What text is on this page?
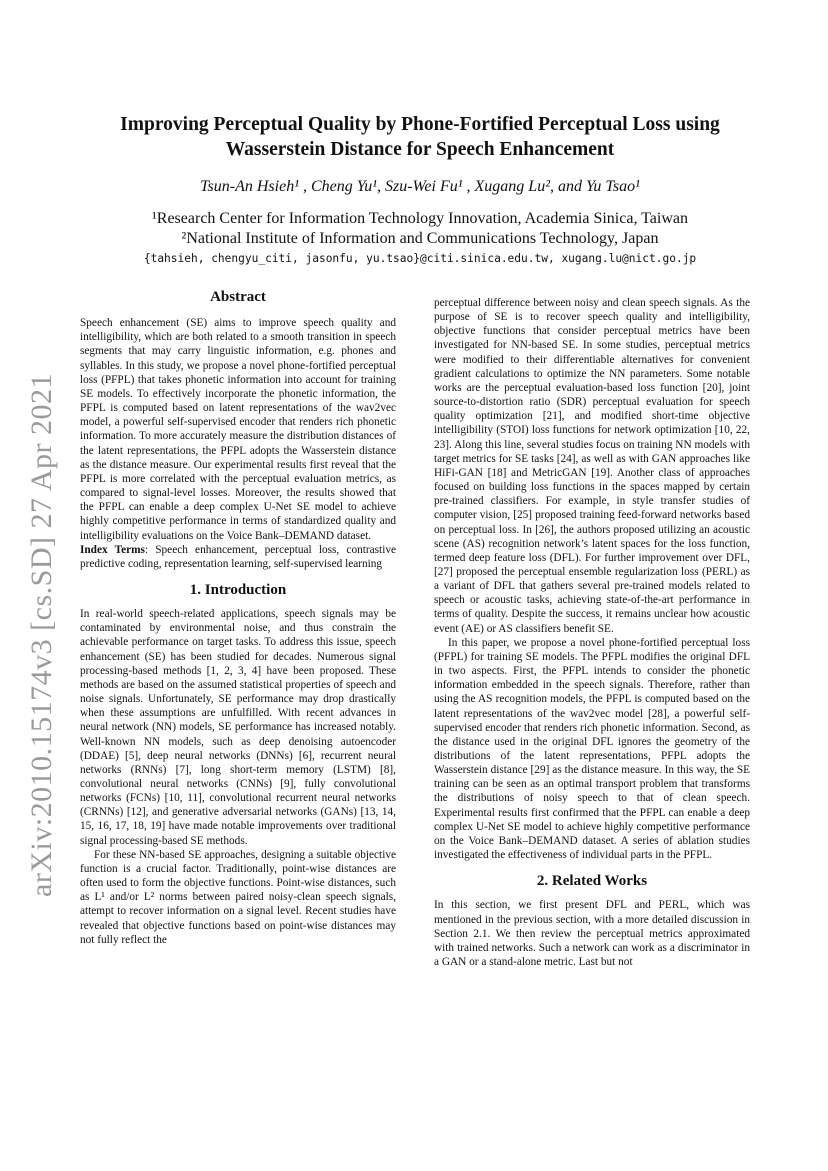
arXiv:2010.15174v3 [cs.SD] 27 Apr 2021
Improving Perceptual Quality by Phone-Fortified Perceptual Loss using
Wasserstein Distance for Speech Enhancement
Tsun-An Hsieh¹ , Cheng Yu¹, Szu-Wei Fu¹ , Xugang Lu², and Yu Tsao¹
¹Research Center for Information Technology Innovation, Academia Sinica, Taiwan
²National Institute of Information and Communications Technology, Japan
{tahsieh, chengyu_citi, jasonfu, yu.tsao}@citi.sinica.edu.tw, xugang.lu@nict.go.jp
Abstract

Speech enhancement (SE) aims to improve speech quality and intelligibility, which are both related to a smooth transition in speech segments that may carry linguistic information, e.g. phones and syllables. In this study, we propose a novel phone-fortified perceptual loss (PFPL) that takes phonetic information into account for training SE models. To effectively incorporate the phonetic information, the PFPL is computed based on latent representations of the wav2vec model, a powerful self-supervised encoder that renders rich phonetic information. To more accurately measure the distribution distances of the latent representations, the PFPL adopts the Wasserstein distance as the distance measure. Our experimental results first reveal that the PFPL is more correlated with the perceptual evaluation metrics, as compared to signal-level losses. Moreover, the results showed that the PFPL can enable a deep complex U-Net SE model to achieve highly competitive performance in terms of standardized quality and intelligibility evaluations on the Voice Bank–DEMAND dataset.

Index Terms: Speech enhancement, perceptual loss, contrastive predictive coding, representation learning, self-supervised learning

1. Introduction

In real-world speech-related applications, speech signals may be contaminated by environmental noise, and thus constrain the achievable performance on target tasks. To address this issue, speech enhancement (SE) has been studied for decades. Numerous signal processing-based methods [1, 2, 3, 4] have been proposed. These methods are based on the assumed statistical properties of speech and noise signals. Unfortunately, SE performance may drop drastically when these assumptions are unfulfilled. With recent advances in neural network (NN) models, SE performance has increased notably. Well-known NN models, such as deep denoising autoencoder (DDAE) [5], deep neural networks (DNNs) [6], recurrent neural networks (RNNs) [7], long short-term memory (LSTM) [8], convolutional neural networks (CNNs) [9], fully convolutional networks (FCNs) [10, 11], convolutional recurrent neural networks (CRNNs) [12], and generative adversarial networks (GANs) [13, 14, 15, 16, 17, 18, 19] have made notable improvements over traditional signal processing-based SE methods.

For these NN-based SE approaches, designing a suitable objective function is a crucial factor. Traditionally, point-wise distances are often used to form the objective functions. Point-wise distances, such as L¹ and/or L² norms between paired noisy-clean speech signals, attempt to recover information on a signal level. Recent studies have revealed that objective functions based on point-wise distances may not fully reflect the

perceptual difference between noisy and clean speech signals. As the purpose of SE is to recover speech quality and intelligibility, objective functions that consider perceptual metrics have been investigated for NN-based SE. In some studies, perceptual metrics were modified to their differentiable alternatives for convenient gradient calculations to optimize the NN parameters. Some notable works are the perceptual evaluation-based loss function [20], joint source-to-distortion ratio (SDR) perceptual evaluation for speech quality optimization [21], and modified short-time objective intelligibility (STOI) loss functions for network optimization [10, 22, 23]. Along this line, several studies focus on training NN models with target metrics for SE tasks [24], as well as with GAN approaches like HiFi-GAN [18] and MetricGAN [19]. Another class of approaches focused on building loss functions in the spaces mapped by certain pre-trained classifiers. For example, in style transfer studies of computer vision, [25] proposed training feed-forward networks based on perceptual loss. In [26], the authors proposed utilizing an acoustic scene (AS) recognition network’s latent spaces for the loss function, termed deep feature loss (DFL). For further improvement over DFL, [27] proposed the perceptual ensemble regularization loss (PERL) as a variant of DFL that gathers several pre-trained models related to speech or acoustic tasks, achieving state-of-the-art performance in terms of quality. Despite the success, it remains unclear how acoustic event (AE) or AS classifiers benefit SE.

In this paper, we propose a novel phone-fortified perceptual loss (PFPL) for training SE models. The PFPL modifies the original DFL in two aspects. First, the PFPL intends to consider the phonetic information embedded in the speech signals. Therefore, rather than using the AS recognition models, the PFPL is computed based on the latent representations of the wav2vec model [28], a powerful self-supervised encoder that renders rich phonetic information. Second, as the distance used in the original DFL ignores the geometry of the distributions of the latent representations, PFPL adopts the Wasserstein distance [29] as the distance measure. In this way, the SE training can be seen as an optimal transport problem that transforms the distributions of noisy speech to that of clean speech. Experimental results first confirmed that the PFPL can enable a deep complex U-Net SE model to achieve highly competitive performance on the Voice Bank–DEMAND dataset. A series of ablation studies investigated the effectiveness of individual parts in the PFPL.

2. Related Works

In this section, we first present DFL and PERL, which was mentioned in the previous section, with a more detailed discussion in Section 2.1. We then review the perceptual metrics approximated with trained networks. Such a network can work as a discriminator in a GAN or a stand-alone metric. Last but not
